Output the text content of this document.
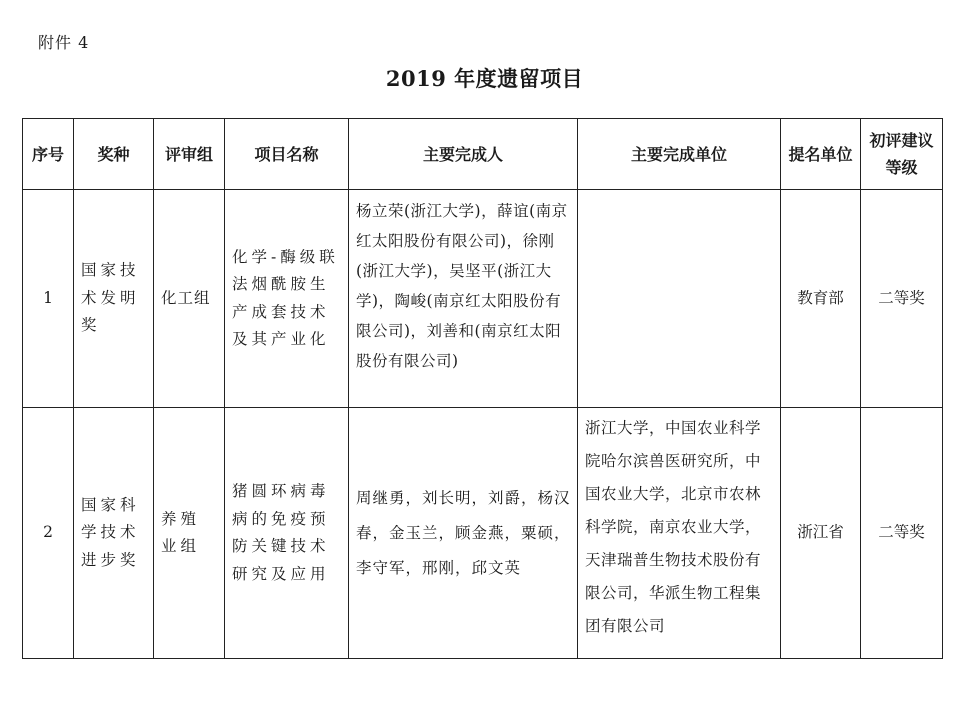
附件 4
2019 年度遗留项目
序号	奖种	评审组	项目名称	主要完成人	主要完成单位	提名单位	初评建议等级
1	国家技术发明奖	化工组	化学-酶级联法烟酰胺生产成套技术及其产业化	杨立荣(浙江大学)，薛谊(南京红太阳股份有限公司)，徐刚(浙江大学)，吴坚平(浙江大学)，陶峻(南京红太阳股份有限公司)，刘善和(南京红太阳股份有限公司)		教育部	二等奖
2	国家科学技术进步奖	养殖业组	猪圆环病毒病的免疫预防关键技术研究及应用	周继勇，刘长明，刘爵，杨汉春，金玉兰，顾金燕，粟硕，李守军，邢刚，邱文英	浙江大学，中国农业科学院哈尔滨兽医研究所，中国农业大学，北京市农林科学院，南京农业大学，天津瑞普生物技术股份有限公司，华派生物工程集团有限公司	浙江省	二等奖
